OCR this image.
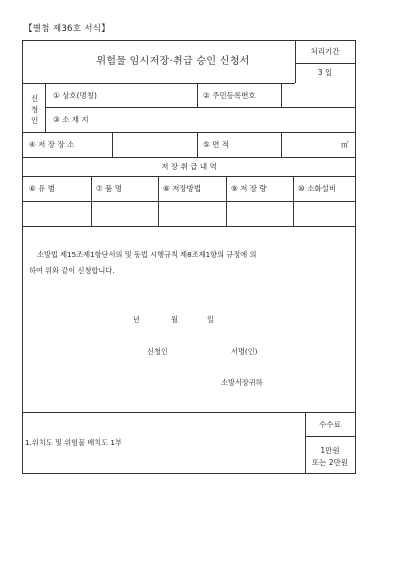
【별첨 제36호 서식】
위험물 임시저장·취급 승인 신청서
처리기간
3 일
신
청
인
① 상호(명칭)	② 주민등록번호
③ 소 재 지
④ 저 장 장 소	⑤ 면 적	㎡
저 장 취 급 내 역
⑥ 유 별	⑦ 품 명	⑧ 저장방법	⑨ 저 장 량	⑩ 소화설비
소방법 제15조제1항단서의 및 동법 시행규칙 제8조제1항의 규정에 의
하여 위와 같이 신청합니다.
년	월	일
신청인	서명(인)
소방서장귀하
1.위치도 및 위험물 배치도 1부
수수료
1만원
또는 2만원
